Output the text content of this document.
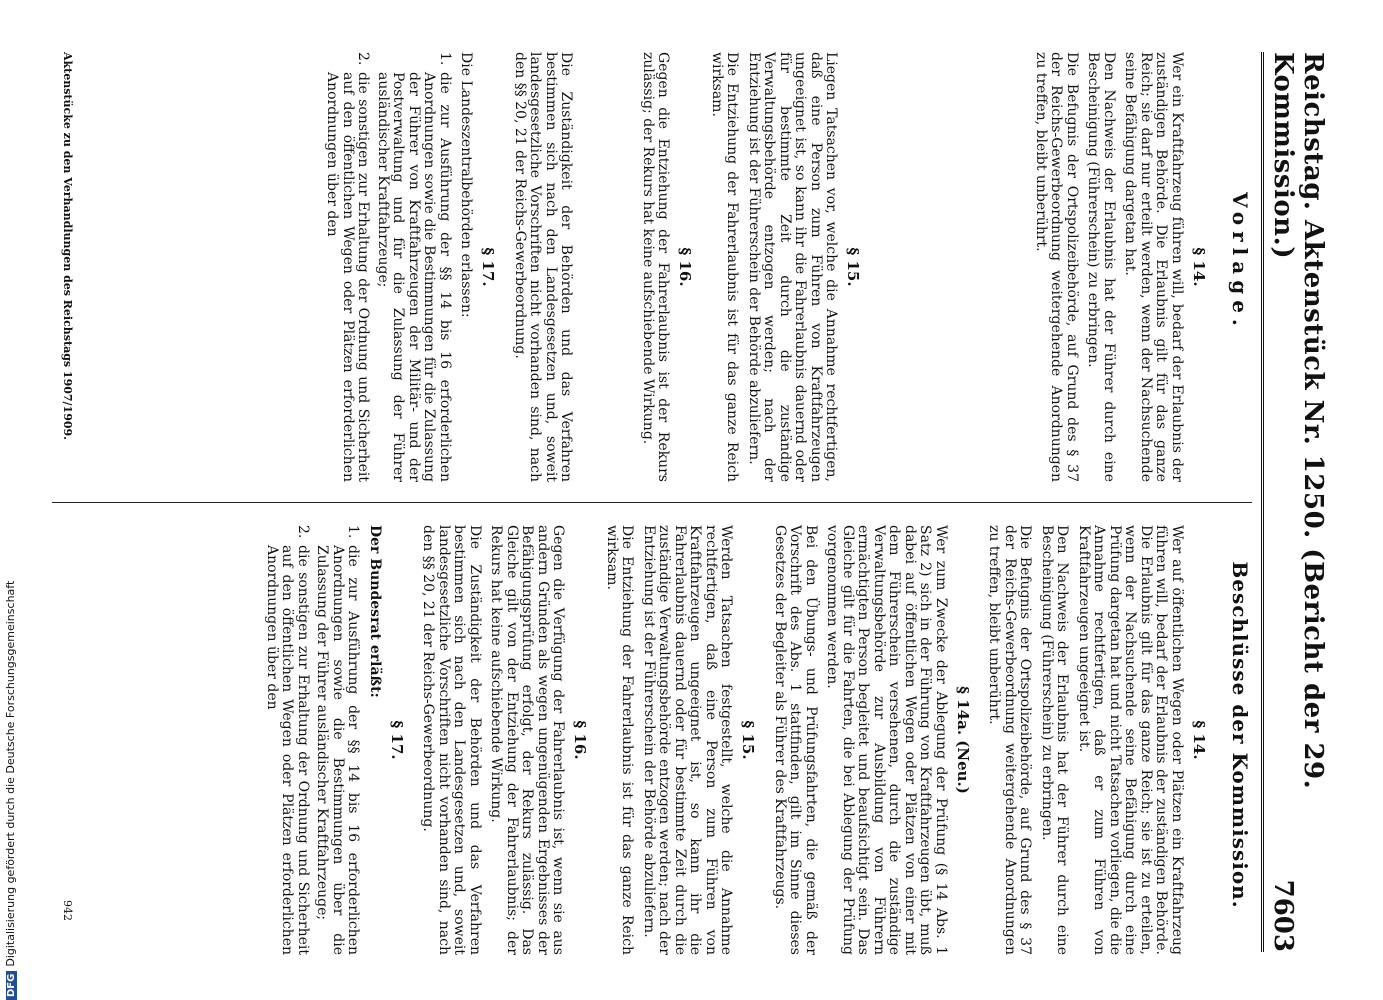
Reichstag. Aktenstück Nr. 1250. (Bericht der 29. Kommission.)
7603
Vorlage.
Beschlüsse der Kommission.
§ 14.

Wer ein Kraftfahrzeug führen will, bedarf der Erlaubnis der zuständigen Behörde. Die Erlaubnis gilt für das ganze Reich; sie darf nur erteilt werden, wenn der Nachsuchende seine Befähigung dargetan hat.

Den Nachweis der Erlaubnis hat der Führer durch eine Bescheinigung (Führerschein) zu erbringen.

Die Befugnis der Ortspolizeibehörde, auf Grund des § 37 der Reichs-Gewerbeordnung weitergehende Anordnungen zu treffen, bleibt unberührt.

§ 15.

Liegen Tatsachen vor, welche die Annahme rechtfertigen, daß eine Person zum Führen von Kraftfahrzeugen ungeeignet ist, so kann ihr die Fahrerlaubnis dauernd oder für bestimmte Zeit durch die zuständige Verwaltungsbehörde entzogen werden; nach der Entziehung ist der Führerschein der Behörde abzuliefern.

Die Entziehung der Fahrerlaubnis ist für das ganze Reich wirksam.

§ 16.

Gegen die Entziehung der Fahrerlaubnis ist der Rekurs zulässig; der Rekurs hat keine aufschiebende Wirkung.

Die Zuständigkeit der Behörden und das Verfahren bestimmen sich nach den Landesgesetzen und, soweit landesgesetzliche Vorschriften nicht vorhanden sind, nach den §§ 20, 21 der Reichs-Gewerbeordnung.

§ 17.

Die Landeszentralbehörden erlassen:

1.
die zur Ausführung der §§ 14 bis 16 erforderlichen Anordnungen sowie die Bestimmungen für die Zulassung der Führer von Kraftfahrzeugen der Militär- und der Postverwaltung und für die Zulassung der Führer ausländischer Kraftfahrzeuge;
2.
die sonstigen zur Erhaltung der Ordnung und Sicherheit auf den öffentlichen Wegen oder Plätzen erforderlichen Anordnungen über den
§ 14.

Wer auf öffentlichen Wegen oder Plätzen ein Kraftfahrzeug führen will, bedarf der Erlaubnis der zuständigen Behörde. Die Erlaubnis gilt für das ganze Reich; sie ist zu erteilen, wenn der Nachsuchende seine Befähigung durch eine Prüfung dargetan hat und nicht Tatsachen vorliegen, die die Annahme rechtfertigen, daß er zum Führen von Kraftfahrzeugen ungeeignet ist.

Den Nachweis der Erlaubnis hat der Führer durch eine Bescheinigung (Führerschein) zu erbringen.

Die Befugnis der Ortspolizeibehörde, auf Grund des § 37 der Reichs-Gewerbeordnung weitergehende Anordnungen zu treffen, bleibt unberührt.

§ 14a. (Neu.)

Wer zum Zwecke der Ablegung der Prüfung (§ 14 Abs. 1 Satz 2) sich in der Führung von Kraftfahrzeugen übt, muß dabei auf öffentlichen Wegen oder Plätzen von einer mit dem Führerschein versehenen, durch die zuständige Verwaltungsbehörde zur Ausbildung von Führern ermächtigten Person begleitet und beaufsichtigt sein. Das Gleiche gilt für die Fahrten, die bei Ablegung der Prüfung vorgenommen werden.

Bei den Übungs- und Prüfungsfahrten, die gemäß der Vorschrift des Abs. 1 stattfinden, gilt im Sinne dieses Gesetzes der Begleiter als Führer des Kraftfahrzeugs.

§ 15.

Werden Tatsachen festgestellt, welche die Annahme rechtfertigen, daß eine Person zum Führen von Kraftfahrzeugen ungeeignet ist, so kann ihr die Fahrerlaubnis dauernd oder für bestimmte Zeit durch die zuständige Verwaltungsbehörde entzogen werden; nach der Entziehung ist der Führerschein der Behörde abzuliefern.

Die Entziehung der Fahrerlaubnis ist für das ganze Reich wirksam.

§ 16.

Gegen die Verfügung der Fahrerlaubnis ist, wenn sie aus andern Gründen als wegen ungenügenden Ergebnisses der Befähigungsprüfung erfolgt, der Rekurs zulässig. Das Gleiche gilt von der Entziehung der Fahrerlaubnis; der Rekurs hat keine aufschiebende Wirkung.

Die Zuständigkeit der Behörden und das Verfahren bestimmen sich nach den Landesgesetzen und, soweit landesgesetzliche Vorschriften nicht vorhanden sind, nach den §§ 20, 21 der Reichs-Gewerbeordnung.

§ 17.

Der Bundesrat erläßt:

1.
die zur Ausführung der §§ 14 bis 16 erforderlichen Anordnungen sowie die Bestimmungen über die Zulassung der Führer ausländischer Kraftfahrzeuge;
2.
die sonstigen zur Erhaltung der Ordnung und Sicherheit auf den öffentlichen Wegen oder Plätzen erforderlichen Anordnungen über den
Aktenstücke zu den Verhandlungen des Reichstags 1907/1909.
942
DFGDigitalisierung gefördert durch die Deutsche Forschungsgemeinschaft
